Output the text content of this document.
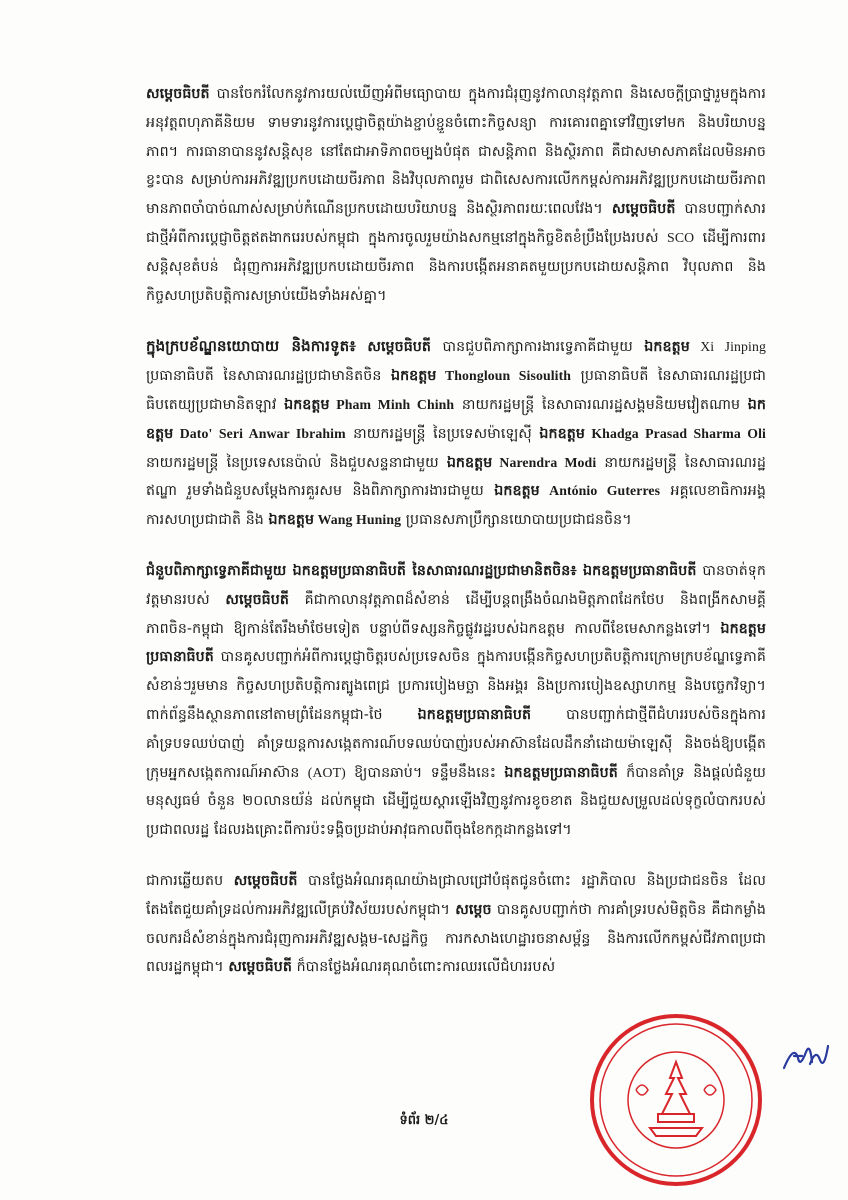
សម្តេចធិបតី បានចែករំលែកនូវការយល់ឃើញអំពីមធ្យោបាយ ក្នុងការជំរុញនូវកាលានុវត្តភាព និងសេចក្តីប្រាថ្នារួមក្នុងការអនុវត្តពហុភាគីនិយម ទាមទារនូវការប្តេជ្ញាចិត្តយ៉ាងខ្ជាប់ខ្ជួនចំពោះកិច្ចសន្យា ការគោរពគ្នាទៅវិញទៅមក និងបរិយាបន្នភាព។ ការធានាបាននូវសន្តិសុខ នៅតែជាអាទិភាពចម្បងបំផុត ជាសន្តិភាព និងស្ថិរភាព គឺជាសមាសភាគដែលមិនអាចខ្វះបាន សម្រាប់ការអភិវឌ្ឍប្រកបដោយចីរភាព និងវិបុលភាពរួម ជាពិសេសការលើកកម្ពស់ការអភិវឌ្ឍប្រកបដោយចីរភាព មានភាពចាំបាច់ណាស់សម្រាប់កំណើនប្រកបដោយបរិយាបន្ន និងស្ថិរភាពរយៈពេលវែង។ សម្តេចធិបតី បានបញ្ជាក់សារជាថ្មីអំពីការប្តេជ្ញាចិត្តឥតងាករេរបស់កម្ពុជា ក្នុងការចូលរួមយ៉ាងសកម្មនៅក្នុងកិច្ចខិតខំប្រឹងប្រែងរបស់ SCO ដើម្បីការពារសន្តិសុខតំបន់ ជំរុញការអភិវឌ្ឍប្រកបដោយចីរភាព និងការបង្កើតអនាគតមួយប្រកបដោយសន្តិភាព វិបុលភាព និងកិច្ចសហប្រតិបត្តិការសម្រាប់យើងទាំងអស់គ្នា។

ក្នុងក្របខ័ណ្ឌនយោបាយ និងការទូត៖ សម្តេចធិបតី បានជួបពិភាក្សាការងារទ្វេភាគីជាមួយ ឯកឧត្តម Xi Jinping ប្រធានាធិបតី នៃសាធារណរដ្ឋប្រជាមានិតចិន ឯកឧត្តម Thongloun Sisoulith ប្រធានាធិបតី នៃសាធារណរដ្ឋប្រជាធិបតេយ្យប្រជាមានិតឡាវ ឯកឧត្តម Pham Minh Chinh នាយករដ្ឋមន្ត្រី នៃសាធារណរដ្ឋសង្គមនិយមវៀតណាម ឯកឧត្តម Dato' Seri Anwar Ibrahim នាយករដ្ឋមន្ត្រី នៃប្រទេសម៉ាឡេស៊ី ឯកឧត្តម Khadga Prasad Sharma Oli នាយករដ្ឋមន្ត្រី នៃប្រទេសនេប៉ាល់ និងជួបសន្ទនាជាមួយ ឯកឧត្តម Narendra Modi នាយករដ្ឋមន្ត្រី នៃសាធារណរដ្ឋឥណ្ឌា រួមទាំងជំនួបសម្តែងការគួរសម និងពិភាក្សាការងារជាមួយ ឯកឧត្តម António Guterres អគ្គលេខាធិការអង្គការសហប្រជាជាតិ និង ឯកឧត្តម Wang Huning ប្រធានសភាប្រឹក្សានយោបាយប្រជាជនចិន។

ជំនួបពិភាក្សាទ្វេភាគីជាមួយ ឯកឧត្តមប្រធានាធិបតី នៃសាធារណរដ្ឋប្រជាមានិតចិន៖ ឯកឧត្តមប្រធានាធិបតី បានចាត់ទុកវត្តមានរបស់ សម្តេចធិបតី គឺជាកាលានុវត្តភាពដ៏សំខាន់ ដើម្បីបន្តពង្រឹងចំណងមិត្តភាពដែកថែប និងពង្រីកសាមគ្គីភាពចិន-កម្ពុជា ឱ្យកាន់តែរឹងមាំថែមទៀត បន្ទាប់ពីទស្សនកិច្ចផ្លូវរដ្ឋរបស់ឯកឧត្តម កាលពីខែមេសាកន្លងទៅ។ ឯកឧត្តមប្រធានាធិបតី បានគូសបញ្ជាក់អំពីការប្តេជ្ញាចិត្តរបស់ប្រទេសចិន ក្នុងការបង្កើនកិច្ចសហប្រតិបត្តិការក្រោមក្របខ័ណ្ឌទ្វេភាគីសំខាន់ៗរួមមាន កិច្ចសហប្រតិបត្តិការត្បូងពេជ្រ ប្រការបៀងមច្ឆា និងអង្គរ និងប្រការបៀងឧស្សាហកម្ម និងបច្ចេកវិទ្យា។ ពាក់ព័ន្ធនឹងស្ថានភាពនៅតាមព្រំដែនកម្ពុជា-ថៃ ឯកឧត្តមប្រធានាធិបតី បានបញ្ជាក់ជាថ្មីពីជំហររបស់ចិនក្នុងការគាំទ្របទឈប់បាញ់ គាំទ្រយន្តការសង្កេតការណ៍បទឈប់បាញ់របស់អាស៊ានដែលដឹកនាំដោយម៉ាឡេស៊ី និងចង់ឱ្យបង្កើតក្រុមអ្នកសង្កេតការណ៍អាស៊ាន (AOT) ឱ្យបានឆាប់។ ទន្ទឹមនឹងនេះ ឯកឧត្តមប្រធានាធិបតី ក៏បានគាំទ្រ និងផ្តល់ជំនួយមនុស្សធម៌ ចំនួន ២០លានយ័ន់ ដល់កម្ពុជា ដើម្បីជួយស្តារឡើងវិញនូវការខូចខាត និងជួយសម្រួលដល់ទុក្ខលំបាករបស់ប្រជាពលរដ្ឋ ដែលរងគ្រោះពីការប៉ះទង្គិចប្រដាប់អាវុធកាលពីចុងខែកក្កដាកន្លងទៅ។

ជាការឆ្លើយតប សម្តេចធិបតី បានថ្លែងអំណរគុណយ៉ាងជ្រាលជ្រៅបំផុតជូនចំពោះ រដ្ឋាភិបាល និងប្រជាជនចិន ដែលតែងតែជួយគាំទ្រដល់ការអភិវឌ្ឍលើគ្រប់វិស័យរបស់កម្ពុជា។ សម្តេច បានគូសបញ្ជាក់ថា ការគាំទ្ររបស់មិត្តចិន គឺជាកម្លាំងចលករដ៏សំខាន់ក្នុងការជំរុញការអភិវឌ្ឍសង្គម-សេដ្ឋកិច្ច ការកសាងហេដ្ឋារចនាសម្ព័ន្ធ និងការលើកកម្ពស់ជីវភាពប្រជាពលរដ្ឋកម្ពុជា។ សម្តេចធិបតី ក៏បានថ្លែងអំណរគុណចំពោះការឈរលើជំហររបស់

ទំព័រ ២/៤
